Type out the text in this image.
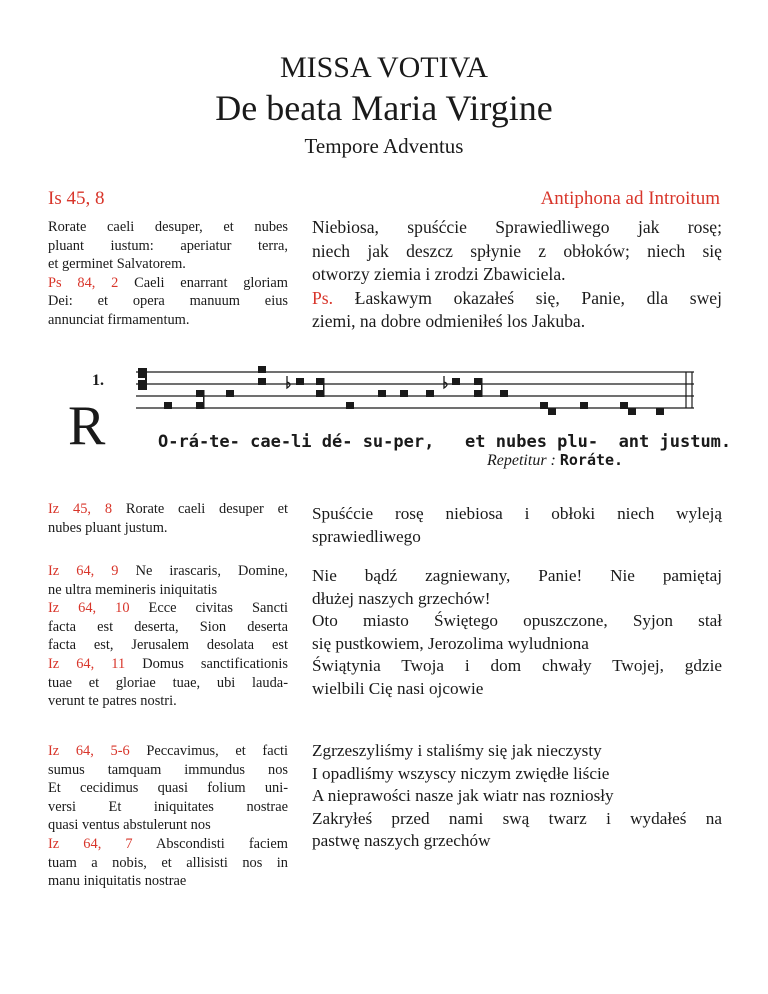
MISSA VOTIVA
De beata Maria Virgine
Tempore Adventus
Is 45, 8	Antiphona ad Introitum
Rorate caeli desuper, et nubes
pluant iustum: aperiatur terra,
et germinet Salvatorem.
Ps 84, 2 Caeli enarrant gloriam
Dei: et opera manuum eius
annunciat firmamentum.
Niebiosa, spuśćcie Sprawiedliwego jak rosę;
niech jak deszcz spłynie z obłoków; niech się
otworzy ziemia i zrodzi Zbawiciela.
Ps. Łaskawym okazałeś się, Panie, dla swej
ziemi, na dobre odmieniłeś los Jakuba.
1.
R	O-rá-te- cae-li dé- su-per,   et nubes plu-  ant justum.
Repetitur : Roráte.
Iz 45, 8 Rorate caeli desuper et
nubes pluant justum.
Spuśćcie rosę niebiosa i obłoki niech wyleją
sprawiedliwego
Iz 64, 9 Ne irascaris, Domine,
ne ultra memineris iniquitatis
Iz 64, 10 Ecce civitas Sancti
facta est deserta, Sion deserta
facta est, Jerusalem desolata est
Iz 64, 11 Domus sanctificationis
tuae et gloriae tuae, ubi lauda-
verunt te patres nostri.
Nie bądź zagniewany, Panie! Nie pamiętaj
dłużej naszych grzechów!
Oto miasto Świętego opuszczone, Syjon stał
się pustkowiem, Jerozolima wyludniona
Świątynia Twoja i dom chwały Twojej, gdzie
wielbili Cię nasi ojcowie
Iz 64, 5-6 Peccavimus, et facti
sumus tamquam immundus nos
Et cecidimus quasi folium uni-
versi Et iniquitates nostrae
quasi ventus abstulerunt nos
Iz 64, 7 Abscondisti faciem
tuam a nobis, et allisisti nos in
manu iniquitatis nostrae
Zgrzeszyliśmy i staliśmy się jak nieczysty
I opadliśmy wszyscy niczym zwiędłe liście
A nieprawości nasze jak wiatr nas rozniosły
Zakryłeś przed nami swą twarz i wydałeś na
pastwę naszych grzechów
